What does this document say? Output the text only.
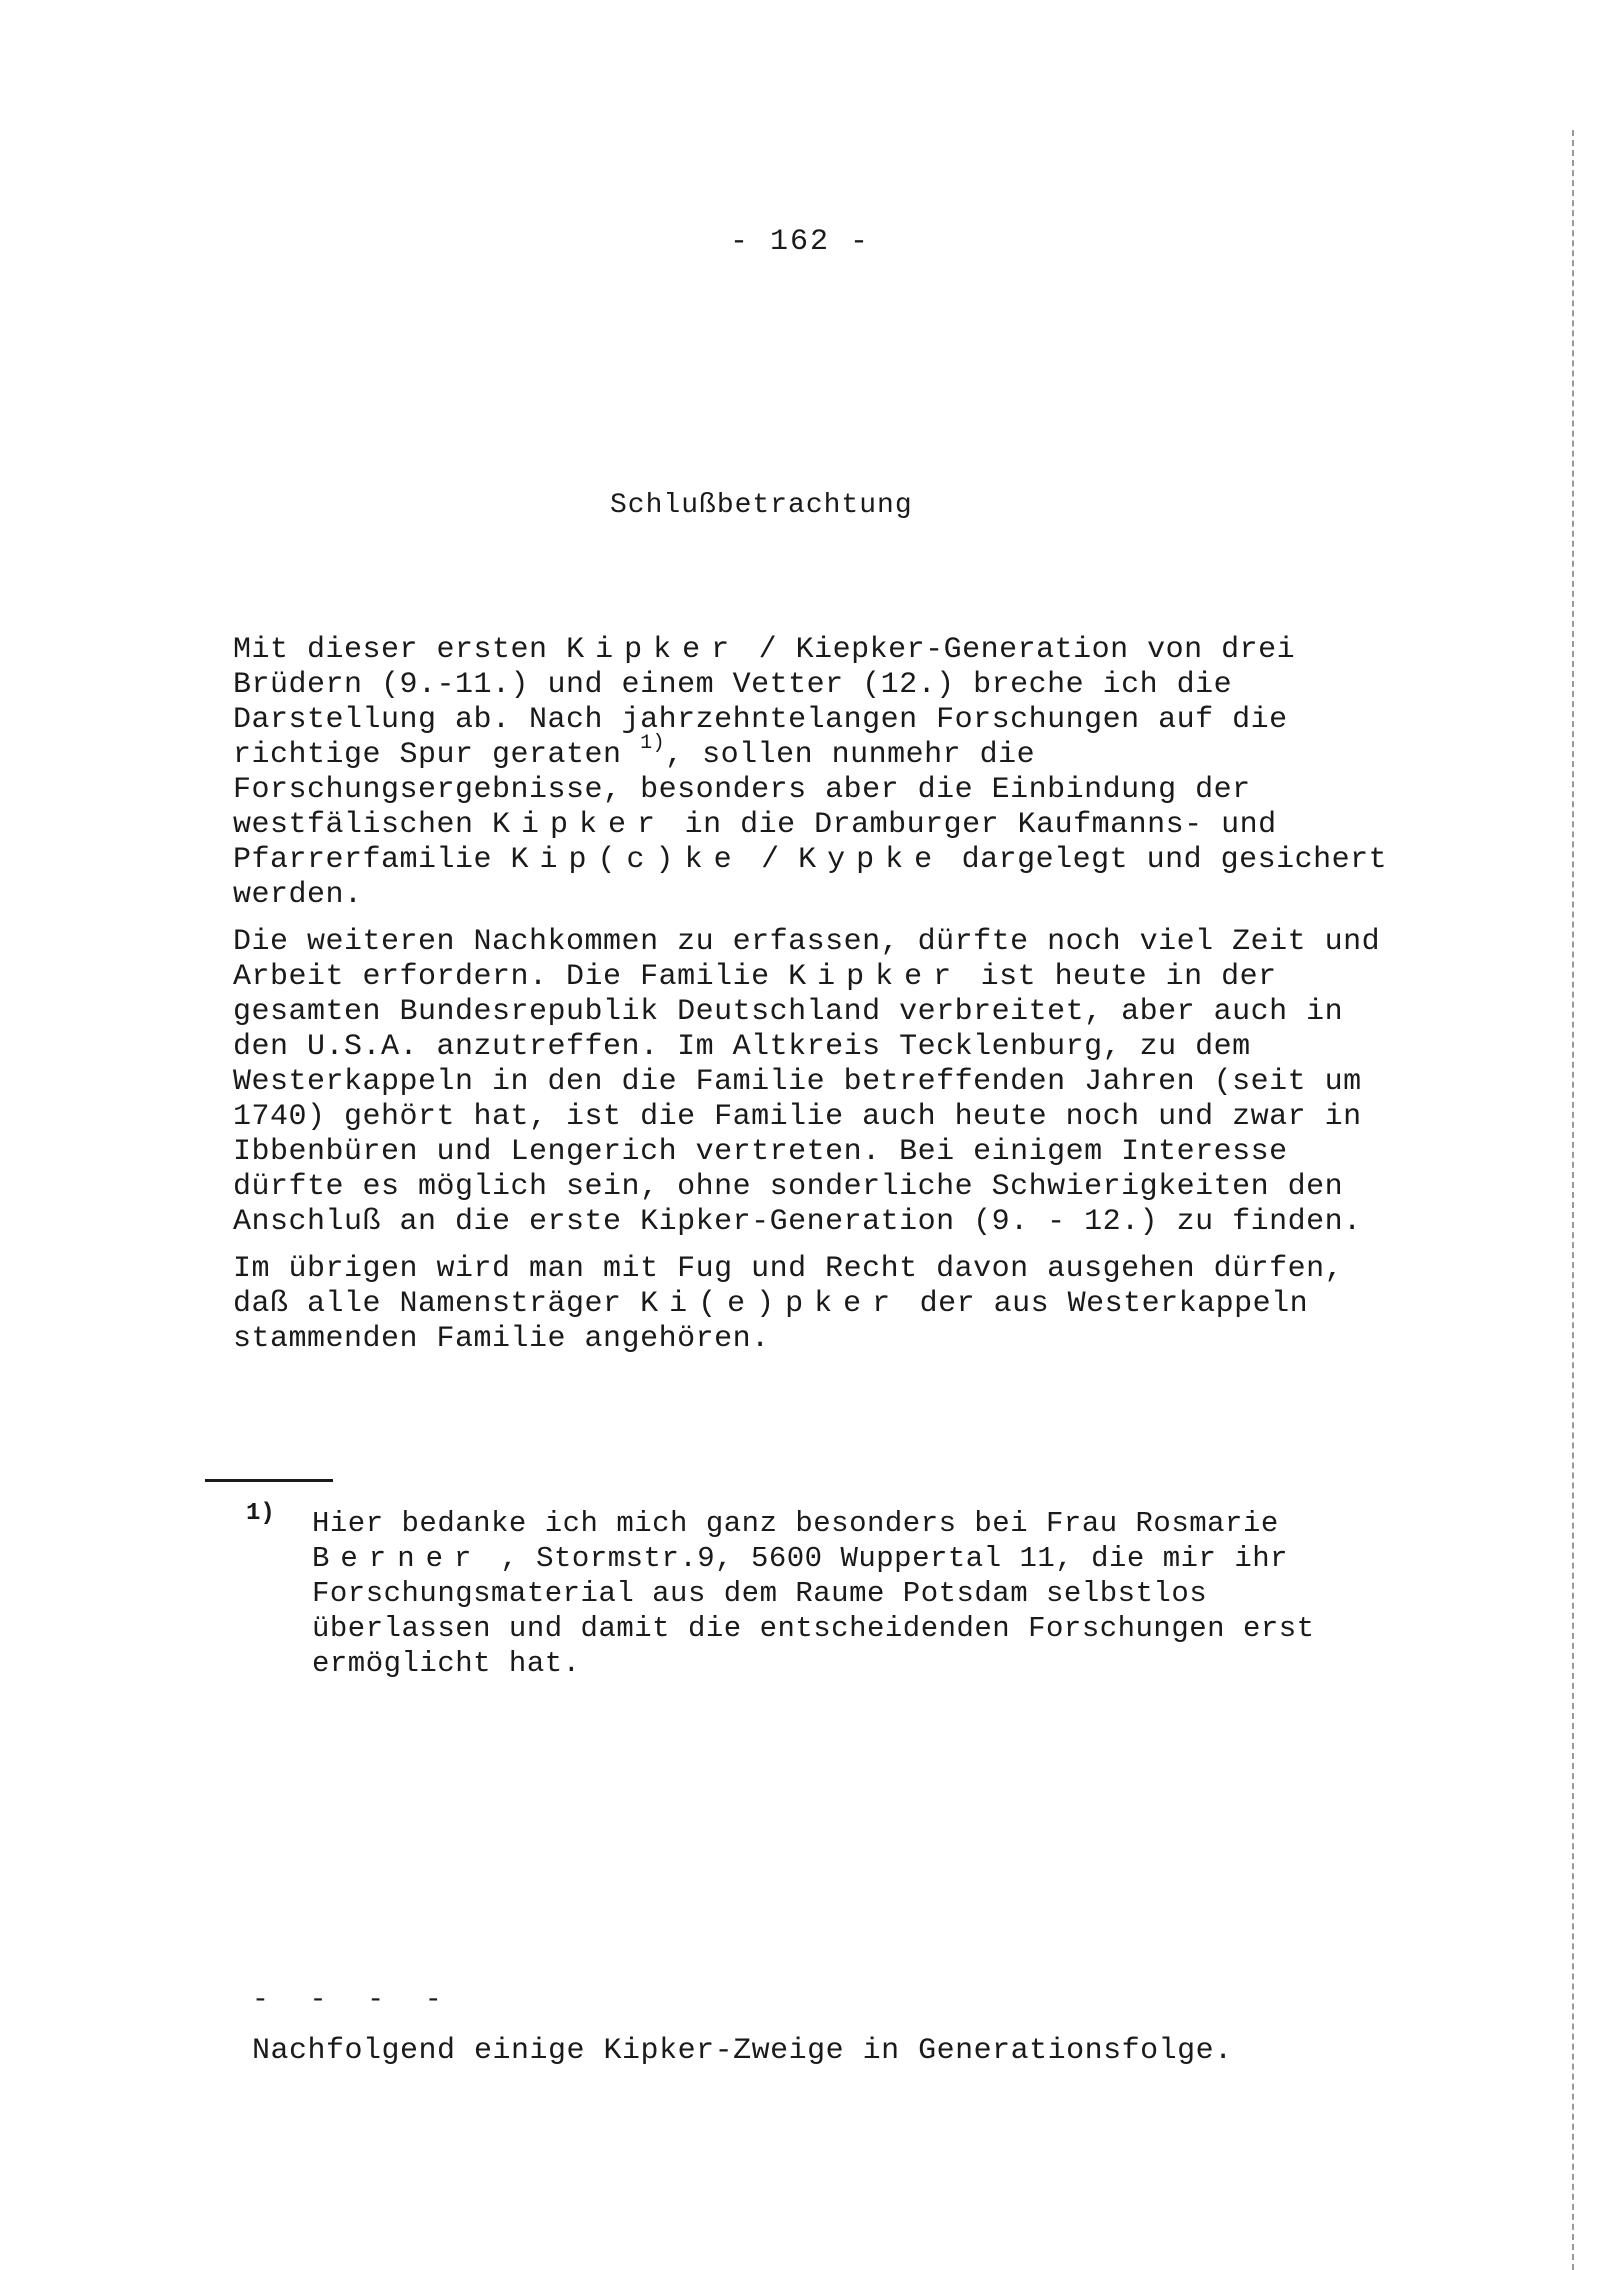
- 162 -
Schlußbetrachtung

Mit dieser ersten Kipker / Kiepker-Generation von drei Brüdern (9.-11.) und einem Vetter (12.) breche ich die Darstellung ab. Nach jahrzehntelangen Forschungen auf die richtige Spur geraten $^{1)}$, sollen nunmehr die Forschungsergebnisse, besonders aber die Einbindung der westfälischen Kipker in die Dramburger Kaufmanns- und Pfarrerfamilie Kip(c)ke / Kypke dargelegt und gesichert werden.

Die weiteren Nachkommen zu erfassen, dürfte noch viel Zeit und Arbeit erfordern. Die Familie Kipker ist heute in der gesamten Bundesrepublik Deutschland verbreitet, aber auch in den U.S.A. anzutreffen. Im Altkreis Tecklenburg, zu dem Westerkappeln in den die Familie betreffenden Jahren (seit um 1740) gehört hat, ist die Familie auch heute noch und zwar in Ibbenbüren und Lengerich vertreten. Bei einigem Interesse dürfte es möglich sein, ohne sonderliche Schwierigkeiten den Anschluß an die erste Kipker-Generation (9. - 12.) zu finden.

Im übrigen wird man mit Fug und Recht davon ausgehen dürfen, daß alle Namensträger Ki(e)pker der aus Westerkappeln stammenden Familie angehören.

1) Hier bedanke ich mich ganz besonders bei Frau Rosmarie Berner , Stormstr.9, 5600 Wuppertal 11, die mir ihr Forschungsmaterial aus dem Raume Potsdam selbstlos überlassen und damit die entscheidenden Forschungen erst ermöglicht hat.
- - - -
Nachfolgend einige Kipker-Zweige in Generationsfolge.
